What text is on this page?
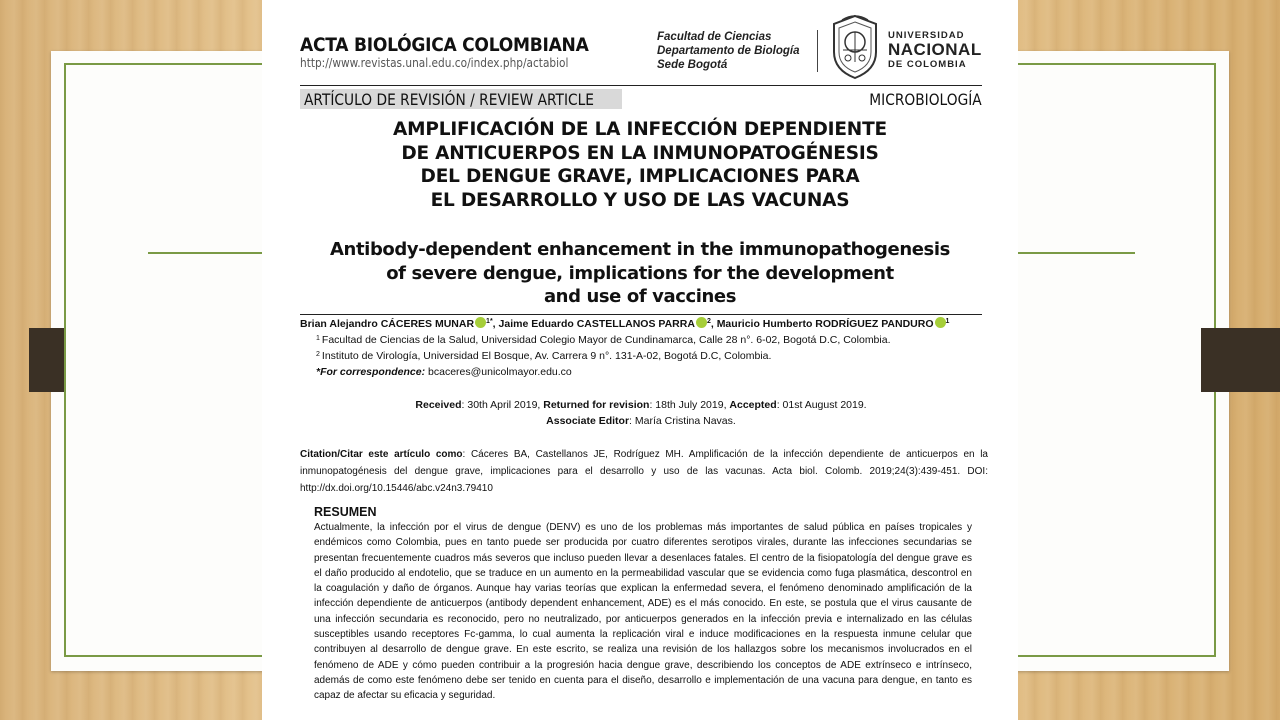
ACTA BIOLÓGICA COLOMBIANA
http://www.revistas.unal.edu.co/index.php/actabiol
Facultad de Ciencias
Departamento de Biología
Sede Bogotá
UNIVERSIDAD
NACIONAL
DE COLOMBIA
ARTÍCULO DE REVISIÓN / REVIEW ARTICLE	MICROBIOLOGÍA
AMPLIFICACIÓN DE LA INFECCIÓN DEPENDIENTE
DE ANTICUERPOS EN LA INMUNOPATOGÉNESIS
DEL DENGUE GRAVE, IMPLICACIONES PARA
EL DESARROLLO Y USO DE LAS VACUNAS
Antibody-dependent enhancement in the immunopathogenesis
of severe dengue, implications for the development
and use of vaccines
Brian Alejandro CÁCERES MUNAR $^{1*}$, Jaime Eduardo CASTELLANOS PARRA $^2$, Mauricio Humberto RODRÍGUEZ PANDURO $^1$
$^1$ Facultad de Ciencias de la Salud, Universidad Colegio Mayor de Cundinamarca, Calle 28 n°. 6-02, Bogotá D.C, Colombia.
$^2$ Instituto de Virología, Universidad El Bosque, Av. Carrera 9 n°. 131-A-02, Bogotá D.C, Colombia.
*For correspondence: bcaceres@unicolmayor.edu.co
Received: 30th April 2019, Returned for revision: 18th July 2019, Accepted: 01st August 2019.
Associate Editor: María Cristina Navas.
Citation/Citar este artículo como: Cáceres BA, Castellanos JE, Rodríguez MH. Amplificación de la infección dependiente de anticuerpos en la inmunopatogénesis del dengue grave, implicaciones para el desarrollo y uso de las vacunas. Acta biol. Colomb. 2019;24(3):439-451. DOI: http://dx.doi.org/10.15446/abc.v24n3.79410
RESUMEN
Actualmente, la infección por el virus de dengue (DENV) es uno de los problemas más importantes de salud pública en países tropicales y endémicos como Colombia, pues en tanto puede ser producida por cuatro diferentes serotipos virales, durante las infecciones secundarias se presentan frecuentemente cuadros más severos que incluso pueden llevar a desenlaces fatales. El centro de la fisiopatología del dengue grave es el daño producido al endotelio, que se traduce en un aumento en la permeabilidad vascular que se evidencia como fuga plasmática, descontrol en la coagulación y daño de órganos. Aunque hay varias teorías que explican la enfermedad severa, el fenómeno denominado amplificación de la infección dependiente de anticuerpos (antibody dependent enhancement, ADE) es el más conocido. En este, se postula que el virus causante de una infección secundaria es reconocido, pero no neutralizado, por anticuerpos generados en la infección previa e internalizado en las células susceptibles usando receptores Fc-gamma, lo cual aumenta la replicación viral e induce modificaciones en la respuesta inmune celular que contribuyen al desarrollo de dengue grave. En este escrito, se realiza una revisión de los hallazgos sobre los mecanismos involucrados en el fenómeno de ADE y cómo pueden contribuir a la progresión hacia dengue grave, describiendo los conceptos de ADE extrínseco e intrínseco, además de como este fenómeno debe ser tenido en cuenta para el diseño, desarrollo e implementación de una vacuna para dengue, en tanto es capaz de afectar su eficacia y seguridad.
